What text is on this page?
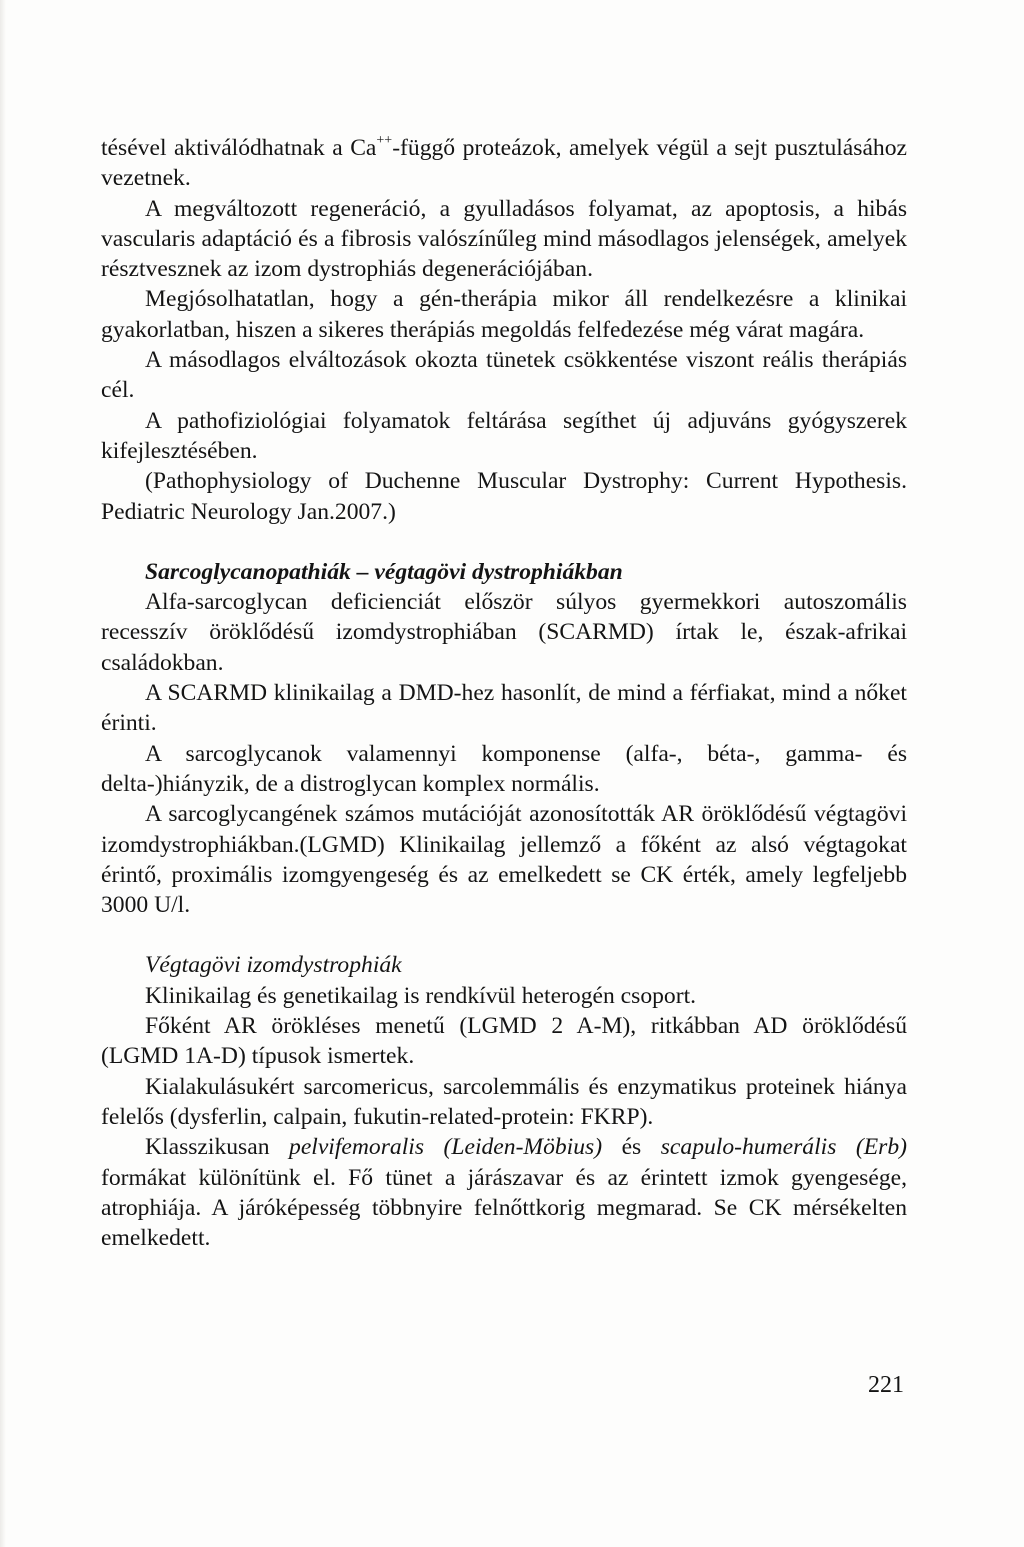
tésével aktiválódhatnak a Ca++-függő proteázok, amelyek végül a sejt pusztulásához vezetnek.

A megváltozott regeneráció, a gyulladásos folyamat, az apoptosis, a hibás vascularis adaptáció és a fibrosis valószínűleg mind másodlagos jelenségek, amelyek résztvesznek az izom dystrophiás degenerációjában.

Megjósolhatatlan, hogy a gén-therápia mikor áll rendelkezésre a klinikai gyakorlatban, hiszen a sikeres therápiás megoldás felfedezése még várat magára.

A másodlagos elváltozások okozta tünetek csökkentése viszont reális therápiás cél.

A pathofiziológiai folyamatok feltárása segíthet új adjuváns gyógyszerek kifejlesztésében.

(Pathophysiology of Duchenne Muscular Dystrophy: Current Hypothesis. Pediatric Neurology Jan.2007.)

Sarcoglycanopathiák – végtagövi dystrophiákban

Alfa-sarcoglycan deficienciát először súlyos gyermekkori autoszomális recesszív öröklődésű izomdystrophiában (SCARMD) írtak le, észak-afrikai családokban.

A SCARMD klinikailag a DMD-hez hasonlít, de mind a férfiakat, mind a nőket érinti.

A sarcoglycanok valamennyi komponense (alfa-, béta-, gamma- és delta-)hiányzik, de a distroglycan komplex normális.

A sarcoglycangének számos mutációját azonosították AR öröklődésű végtagövi izomdystrophiákban.(LGMD) Klinikailag jellemző a főként az alsó végtagokat érintő, proximális izomgyengeség és az emelkedett se CK érték, amely legfeljebb 3000 U/l.

Végtagövi izomdystrophiák

Klinikailag és genetikailag is rendkívül heterogén csoport.

Főként AR örökléses menetű (LGMD 2 A-M), ritkábban AD öröklődésű (LGMD 1A-D) típusok ismertek.

Kialakulásukért sarcomericus, sarcolemmális és enzymatikus proteinek hiánya felelős (dysferlin, calpain, fukutin-related-protein: FKRP).

Klasszikusan pelvifemoralis (Leiden-Möbius) és scapulo-humerális (Erb) formákat különítünk el. Fő tünet a járászavar és az érintett izmok gyengesége, atrophiája. A járóképesség többnyire felnőttkorig megmarad. Se CK mérsékelten emelkedett.

221
